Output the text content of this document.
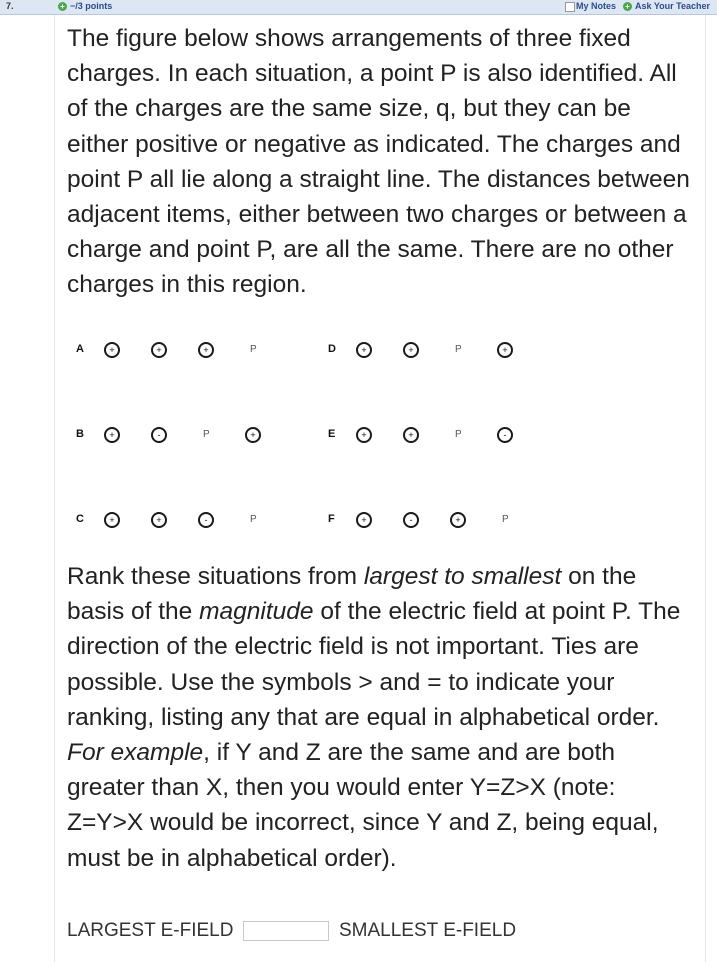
7.	+ −/3 points	My Notes + Ask Your Teacher

The figure below shows arrangements of three fixed charges. In each situation, a point P is also identified. All of the charges are the same size, q, but they can be either positive or negative as indicated. The charges and point P all lie along a straight line. The distances between adjacent items, either between two charges or between a charge and point P, are all the same. There are no other charges in this region.

A	+	+	+	P
B	+	-	P	+
C	+	+	-	P
D	+	+	P	+
E	+	+	P	-
F	+	-	+	P

Rank these situations from largest to smallest on the basis of the magnitude of the electric field at point P. The direction of the electric field is not important. Ties are possible. Use the symbols > and = to indicate your ranking, listing any that are equal in alphabetical order. For example, if Y and Z are the same and are both greater than X, then you would enter Y=Z>X (note: Z=Y>X would be incorrect, since Y and Z, being equal, must be in alphabetical order).

LARGEST E-FIELD	SMALLEST E-FIELD
